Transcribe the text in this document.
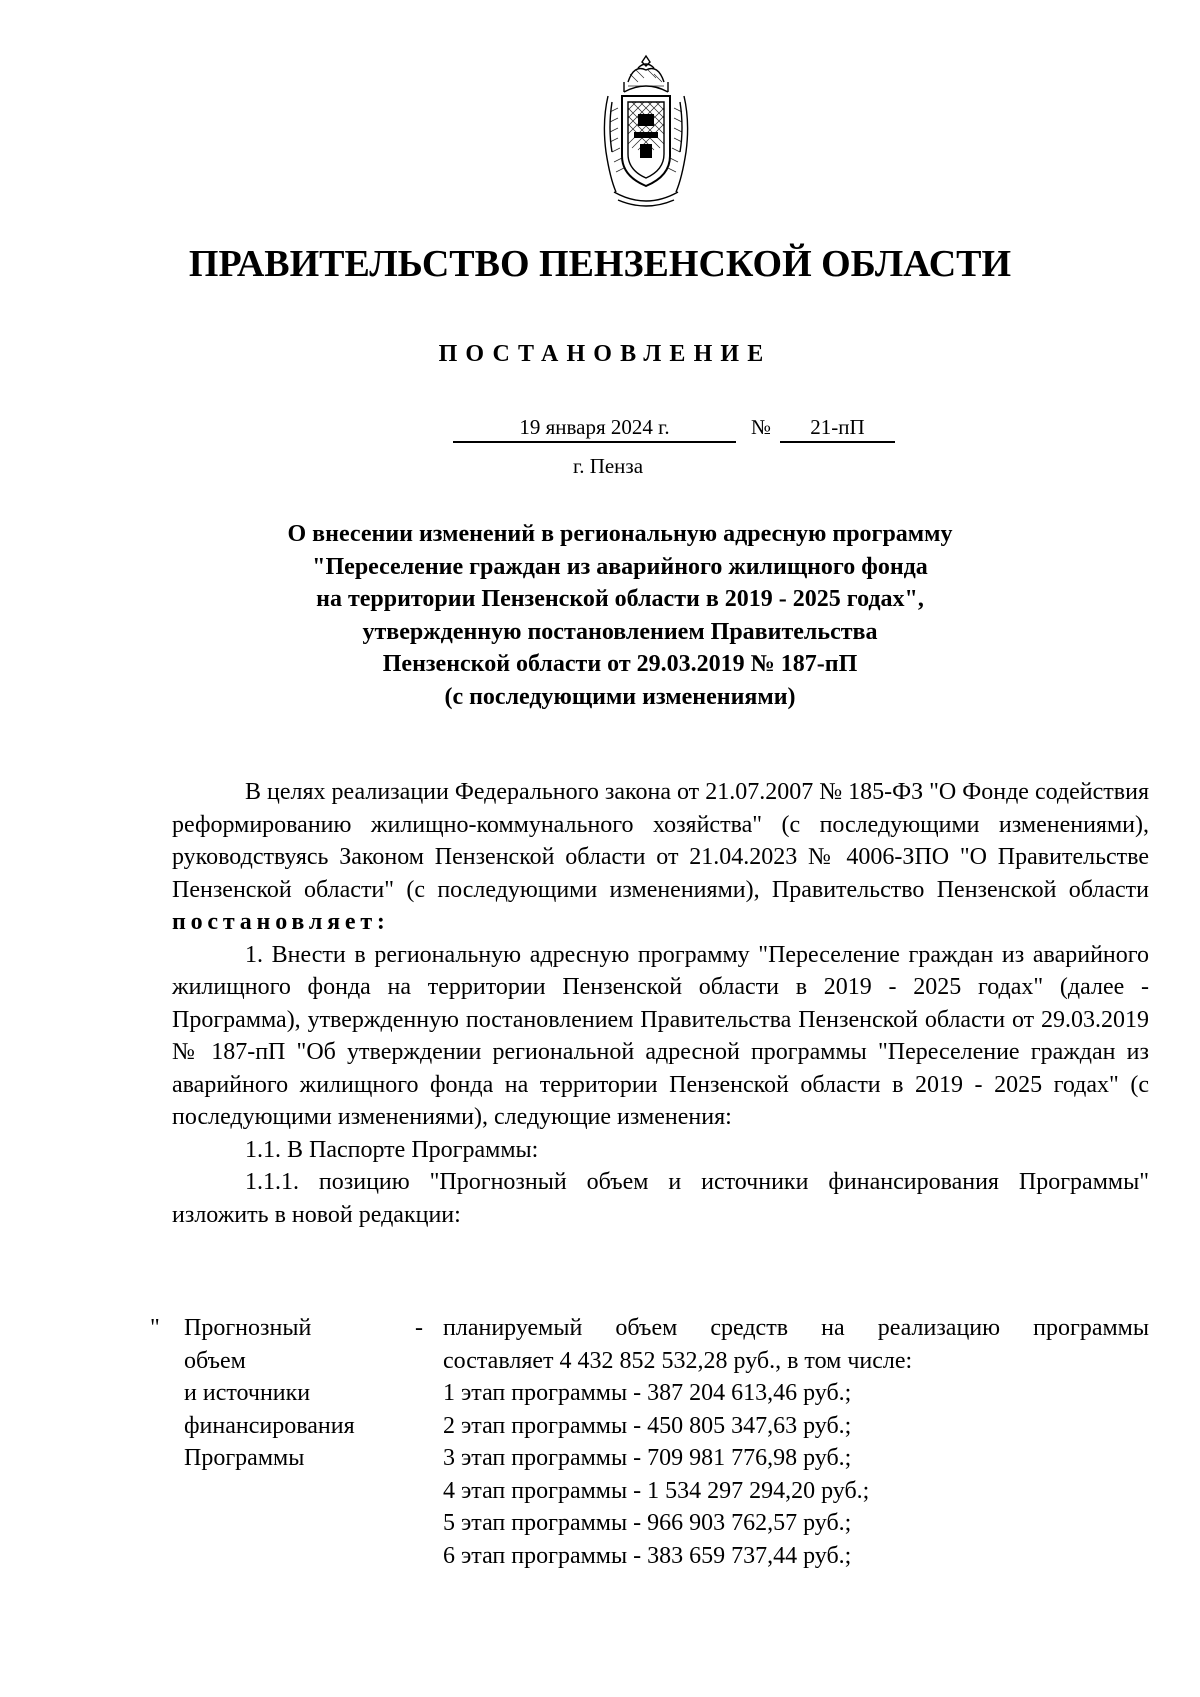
ПРАВИТЕЛЬСТВО ПЕНЗЕНСКОЙ ОБЛАСТИ
ПОСТАНОВЛЕНИЕ
19 января 2024 г.	№	21-пП
г. Пенза
О внесении изменений в региональную адресную программу
"Переселение граждан из аварийного жилищного фонда
на территории Пензенской области в 2019 - 2025 годах",
утвержденную постановлением Правительства
Пензенской области от 29.03.2019 № 187-пП
(с последующими изменениями)

В целях реализации Федерального закона от 21.07.2007 № 185-ФЗ "О Фонде содействия реформированию жилищно-коммунального хозяйства" (с последующими изменениями), руководствуясь Законом Пензенской области от 21.04.2023 № 4006-ЗПО "О Правительстве Пензенской области" (с последующими изменениями), Правительство Пензенской области постановляет:

1. Внести в региональную адресную программу "Переселение граждан из аварийного жилищного фонда на территории Пензенской области в 2019 - 2025 годах" (далее - Программа), утвержденную постановлением Правительства Пензенской области от 29.03.2019 № 187-пП "Об утверждении региональной адресной программы "Переселение граждан из аварийного жилищного фонда на территории Пензенской области в 2019 - 2025 годах" (с последующими изменениями), следующие изменения:

1.1. В Паспорте Программы:

1.1.1. позицию "Прогнозный объем и источники финансирования Программы" изложить в новой редакции:

" Прогнозный
объем
и источники
финансирования
Программы
- планируемый объем средств на реализацию программы
составляет 4 432 852 532,28 руб., в том числе:
1 этап программы - 387 204 613,46 руб.;
2 этап программы - 450 805 347,63 руб.;
3 этап программы - 709 981 776,98 руб.;
4 этап программы - 1 534 297 294,20 руб.;
5 этап программы - 966 903 762,57 руб.;
6 этап программы - 383 659 737,44 руб.;
